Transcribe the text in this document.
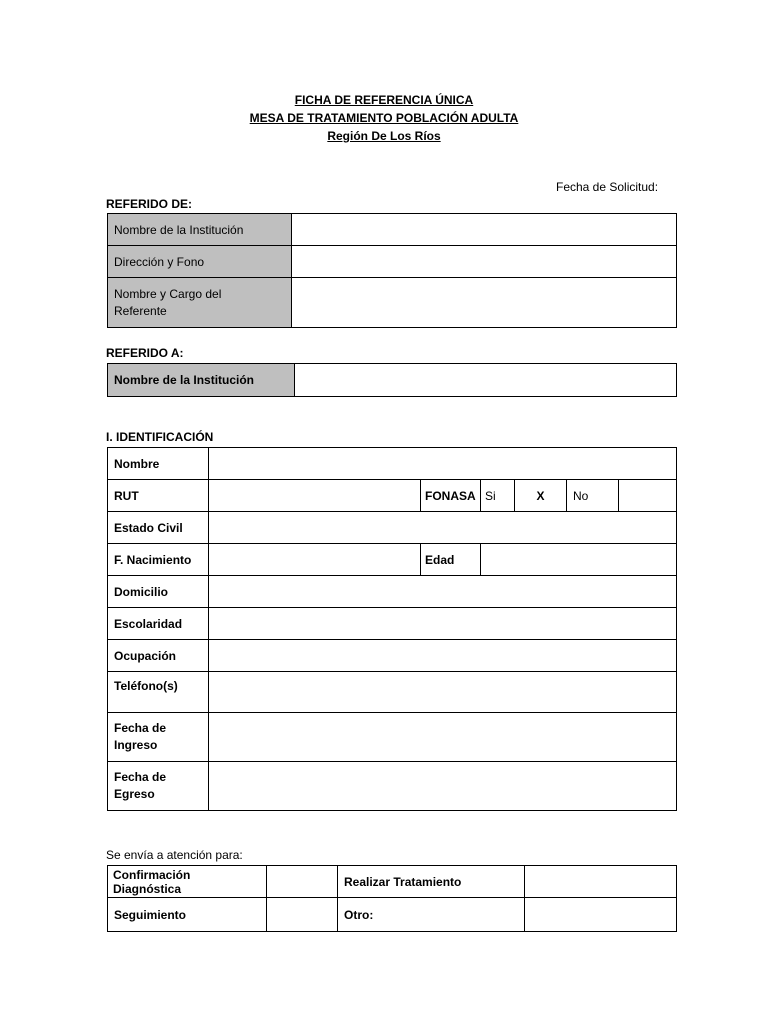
FICHA DE REFERENCIA ÚNICA
MESA DE TRATAMIENTO POBLACIÓN ADULTA
Región De Los Ríos
Fecha de Solicitud:
REFERIDO DE:
Nombre de la Institución	
Dirección y Fono	
Nombre y Cargo del
Referente	
REFERIDO A:
Nombre de la Institución	
I. IDENTIFICACIÓN
Nombre						
RUT		FONASA	Si	X	No	
Estado Civil						
F. Nacimiento		Edad				
Domicilio						
Escolaridad						
Ocupación						
Teléfono(s)						
Fecha de
Ingreso						
Fecha de
Egreso						
Se envía a atención para:
Confirmación Diagnóstica		Realizar Tratamiento	
Seguimiento		Otro:	
